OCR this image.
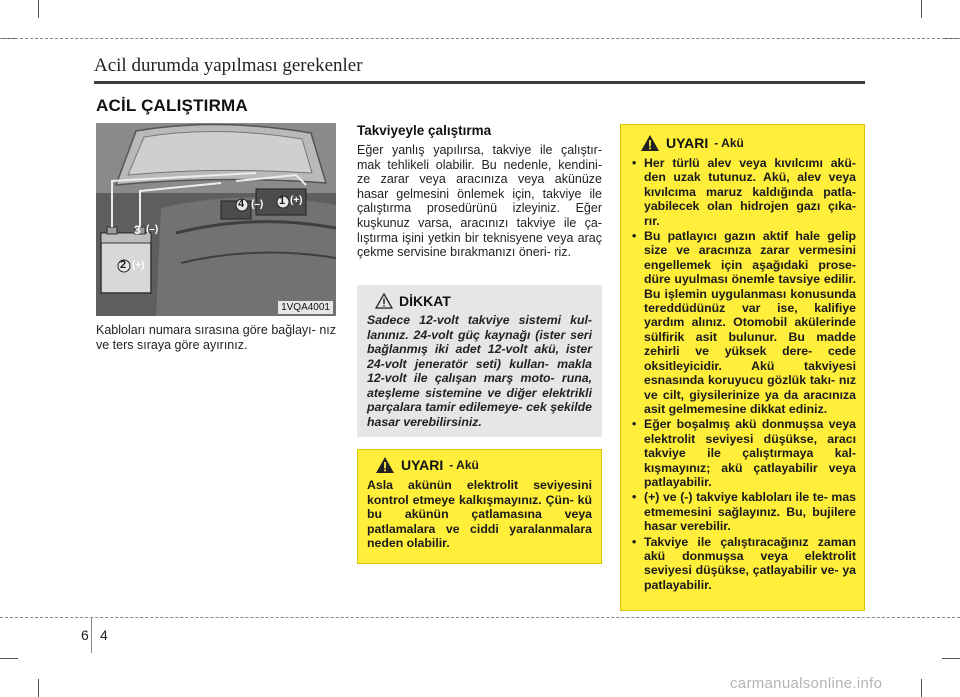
Acil durumda yapılması gerekenler
ACİL ÇALIŞTIRMA
1VQA4001
1 (+)
4 (–)
3 (–)
2 (+)
Kabloları numara sırasına göre bağlayı- nız ve ters sıraya göre ayırınız.
Takviyeyle çalıştırma
Eğer yanlış yapılırsa, takviye ile çalıştır- mak tehlikeli olabilir. Bu nedenle, kendini- ze zarar veya aracınıza veya akünüze hasar gelmesini önlemek için, takviye ile çalıştırma prosedürünü izleyiniz. Eğer kuşkunuz varsa, aracınızı takviye ile ça- lıştırma işini yetkin bir teknisyene veya araç çekme servisine bırakmanızı öneri- riz.
DİKKAT
Sadece 12-volt takviye sistemi kul- lanınız. 24-volt güç kaynağı (ister seri bağlanmış iki adet 12-volt akü, ister 24-volt jeneratör seti) kullan- makla 12-volt ile çalışan marş moto- runa, ateşleme sistemine ve diğer elektrikli parçalara tamir edilemeye- cek şekilde hasar verebilirsiniz.
UYARI - Akü
Asla akünün elektrolit seviyesini kontrol etmeye kalkışmayınız. Çün- kü bu akünün çatlamasına veya patlamalara ve ciddi yaralanmalara neden olabilir.
UYARI - Akü
• Her türlü alev veya kıvılcımı akü- den uzak tutunuz. Akü, alev veya kıvılcıma maruz kaldığında patla- yabilecek olan hidrojen gazı çıka- rır.
• Bu patlayıcı gazın aktif hale gelip size ve aracınıza zarar vermesini engellemek için aşağıdaki prose- düre uyulması önemle tavsiye edilir. Bu işlemin uygulanması konusunda tereddüdünüz var ise, kalifiye yardım alınız. Otomobil akülerinde sülfirik asit bulunur. Bu madde zehirli ve yüksek dere- cede oksitleyicidir. Akü takviyesi esnasında koruyucu gözlük takı- nız ve cilt, giysilerinize ya da aracınıza asit gelmemesine dikkat ediniz.
• Eğer boşalmış akü donmuşsa veya elektrolit seviyesi düşükse, aracı takviye ile çalıştırmaya kal- kışmayınız; akü çatlayabilir veya patlayabilir.
• (+) ve (-) takviye kabloları ile te- mas etmemesini sağlayınız. Bu, bujilere hasar verebilir.
• Takviye ile çalıştıracağınız zaman akü donmuşsa veya elektrolit seviyesi düşükse, çatlayabilir ve- ya patlayabilir.
6 4
carmanualsonline.info
